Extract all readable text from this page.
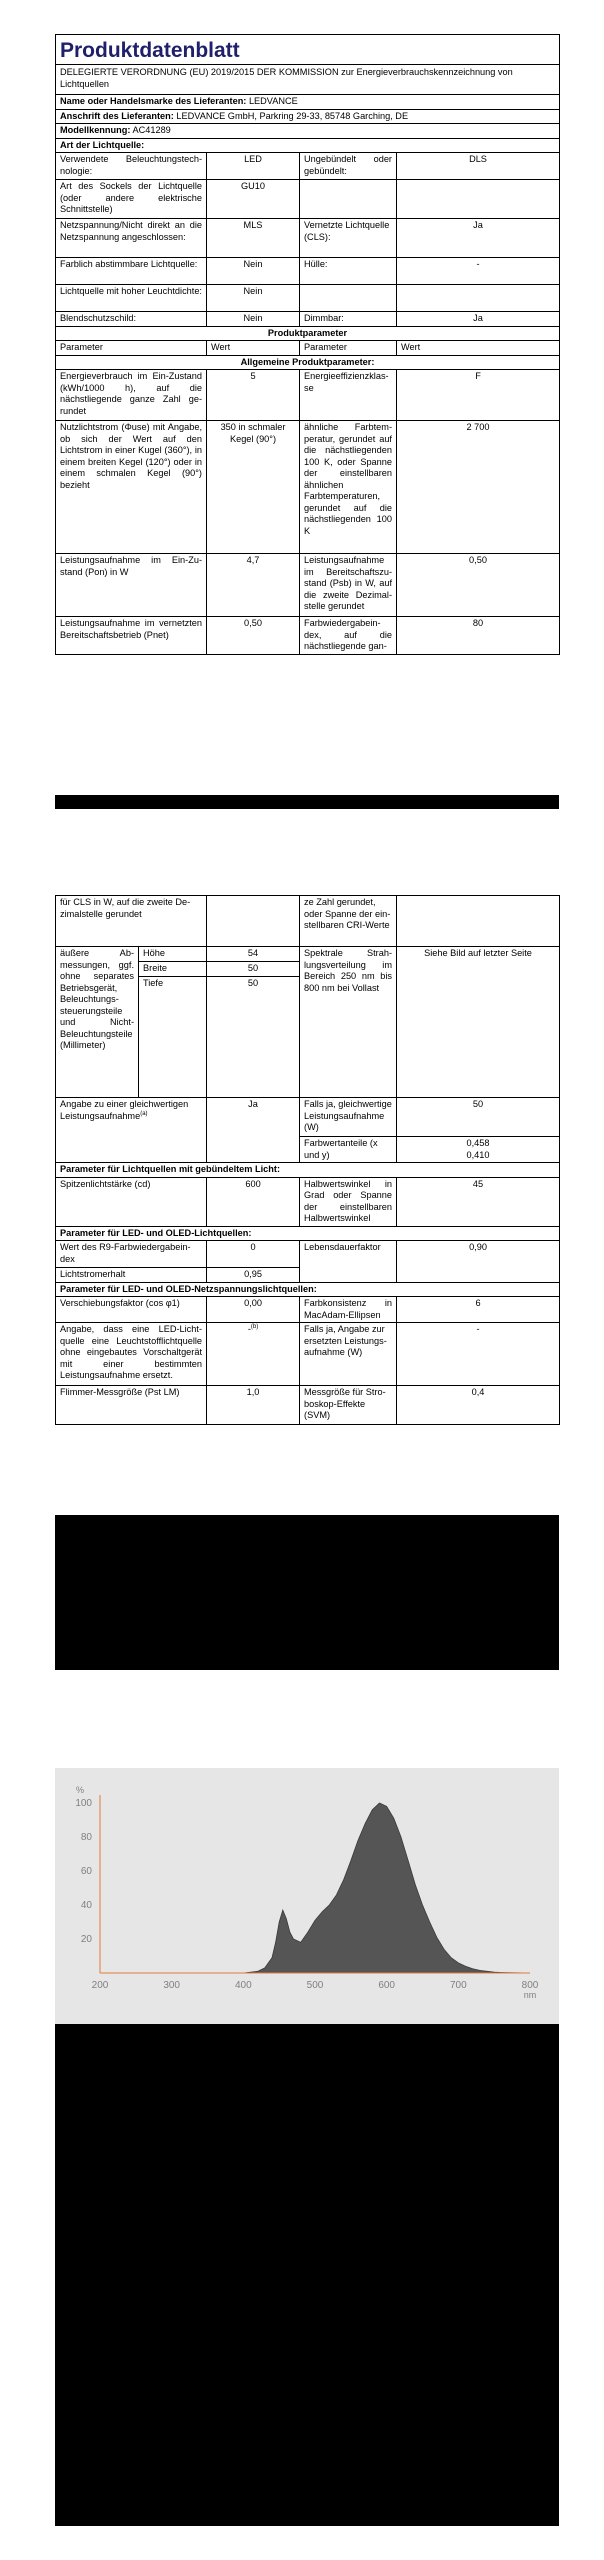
Produktdatenblatt
DELEGIERTE VERORDNUNG (EU) 2019/2015 DER KOMMISSION zur Energieverbrauchskennzeichnung von Lichtquellen
Name oder Handelsmarke des Lieferanten: LEDVANCE
Anschrift des Lieferanten: LEDVANCE GmbH, Parkring 29-33, 85748 Garching, DE
Modellkennung: AC41289
Art der Lichtquelle:
Verwendete Beleuchtungstechnologie:	LED	Ungebündelt oder gebündelt:	DLS
Art des Sockels der Lichtquelle (oder andere elektrische Schnittstelle)	GU10		
Netzspannung/Nicht direkt an die Netzspannung angeschlossen:	MLS	Vernetzte Lichtquelle (CLS):	Ja
Farblich abstimmbare Lichtquelle:	Nein	Hülle:	-
Lichtquelle mit hoher Leuchtdichte:	Nein		
Blendschutzschild:	Nein	Dimmbar:	Ja
Produktparameter			
Parameter	Wert	Parameter	Wert
Allgemeine Produktparameter:			
Energieverbrauch im Ein-Zustand (kWh/1000 h), auf die nächstliegende ganze Zahl gerundet	5	Energieeffizienzklasse	F
Nutzlichtstrom (Φuse) mit Angabe, ob sich der Wert auf den Lichtstrom in einer Kugel (360°), in einem breiten Kegel (120°) oder in einem schmalen Kegel (90°) bezieht	350 in schmaler Kegel (90°)	ähnliche Farbtemperatur, gerundet auf die nächstliegenden 100 K, oder Spanne der einstellbaren ähnlichen Farbtemperaturen, gerundet auf die nächstliegenden 100 K	2 700
Leistungsaufnahme im Ein-Zustand (Pon) in W	4,7	Leistungsaufnahme im Bereitschaftszustand (Psb) in W, auf die zweite Dezimalstelle gerundet	0,50
Leistungsaufnahme im vernetzten Bereitschaftsbetrieb (Pnet)	0,50	Farbwiedergabeindex, auf die nächstliegende gan-	80
für CLS in W, auf die zweite Dezimalstelle gerundet			ze Zahl gerundet, oder Spanne der einstellbaren CRI-Werte	
äußere Abmessungen, ggf. ohne separates Betriebsgerät, Beleuchtungssteuerungsteile und Nicht-Beleuchtungsteile (Millimeter)	Höhe	54	Spektrale Strahlungsverteilung im Bereich 250 nm bis 800 nm bei Vollast	Siehe Bild auf letzter Seite
	Breite	50		
	Tiefe	50		
Angabe zu einer gleichwertigen Leistungsaufnahme$^{(a)}$		Ja	Falls ja, gleichwertige Leistungsaufnahme (W)	50
			Farbwertanteile (x und y)	0,458
0,410

Parameter für Lichtquellen mit gebündeltem Licht:				
Spitzenlichtstärke (cd)		600	Halbwertswinkel in Grad oder Spanne der einstellbaren Halbwertswinkel	45
Parameter für LED- und OLED-Lichtquellen:				
Wert des R9-Farbwiedergabeindex		0	Lebensdauerfaktor	0,90
Lichtstromerhalt		0,95		
Parameter für LED- und OLED-Netzspannungslichtquellen:				
Verschiebungsfaktor (cos φ1)		0,00	Farbkonsistenz in MacAdam-Ellipsen	6
Angabe, dass eine LED-Lichtquelle eine Leuchtstofflichtquelle ohne eingebautes Vorschaltgerät mit einer bestimmten Leistungsaufnahme ersetzt.		-$^{(b)}$	Falls ja, Angabe zur ersetzten Leistungsaufnahme (W)	-
Flimmer-Messgröße (Pst LM)		1,0	Messgröße für Stroboskop-Effekte (SVM)	0,4
20
40
60
80
100
%
200	300	400	500	600	700	800
nm
